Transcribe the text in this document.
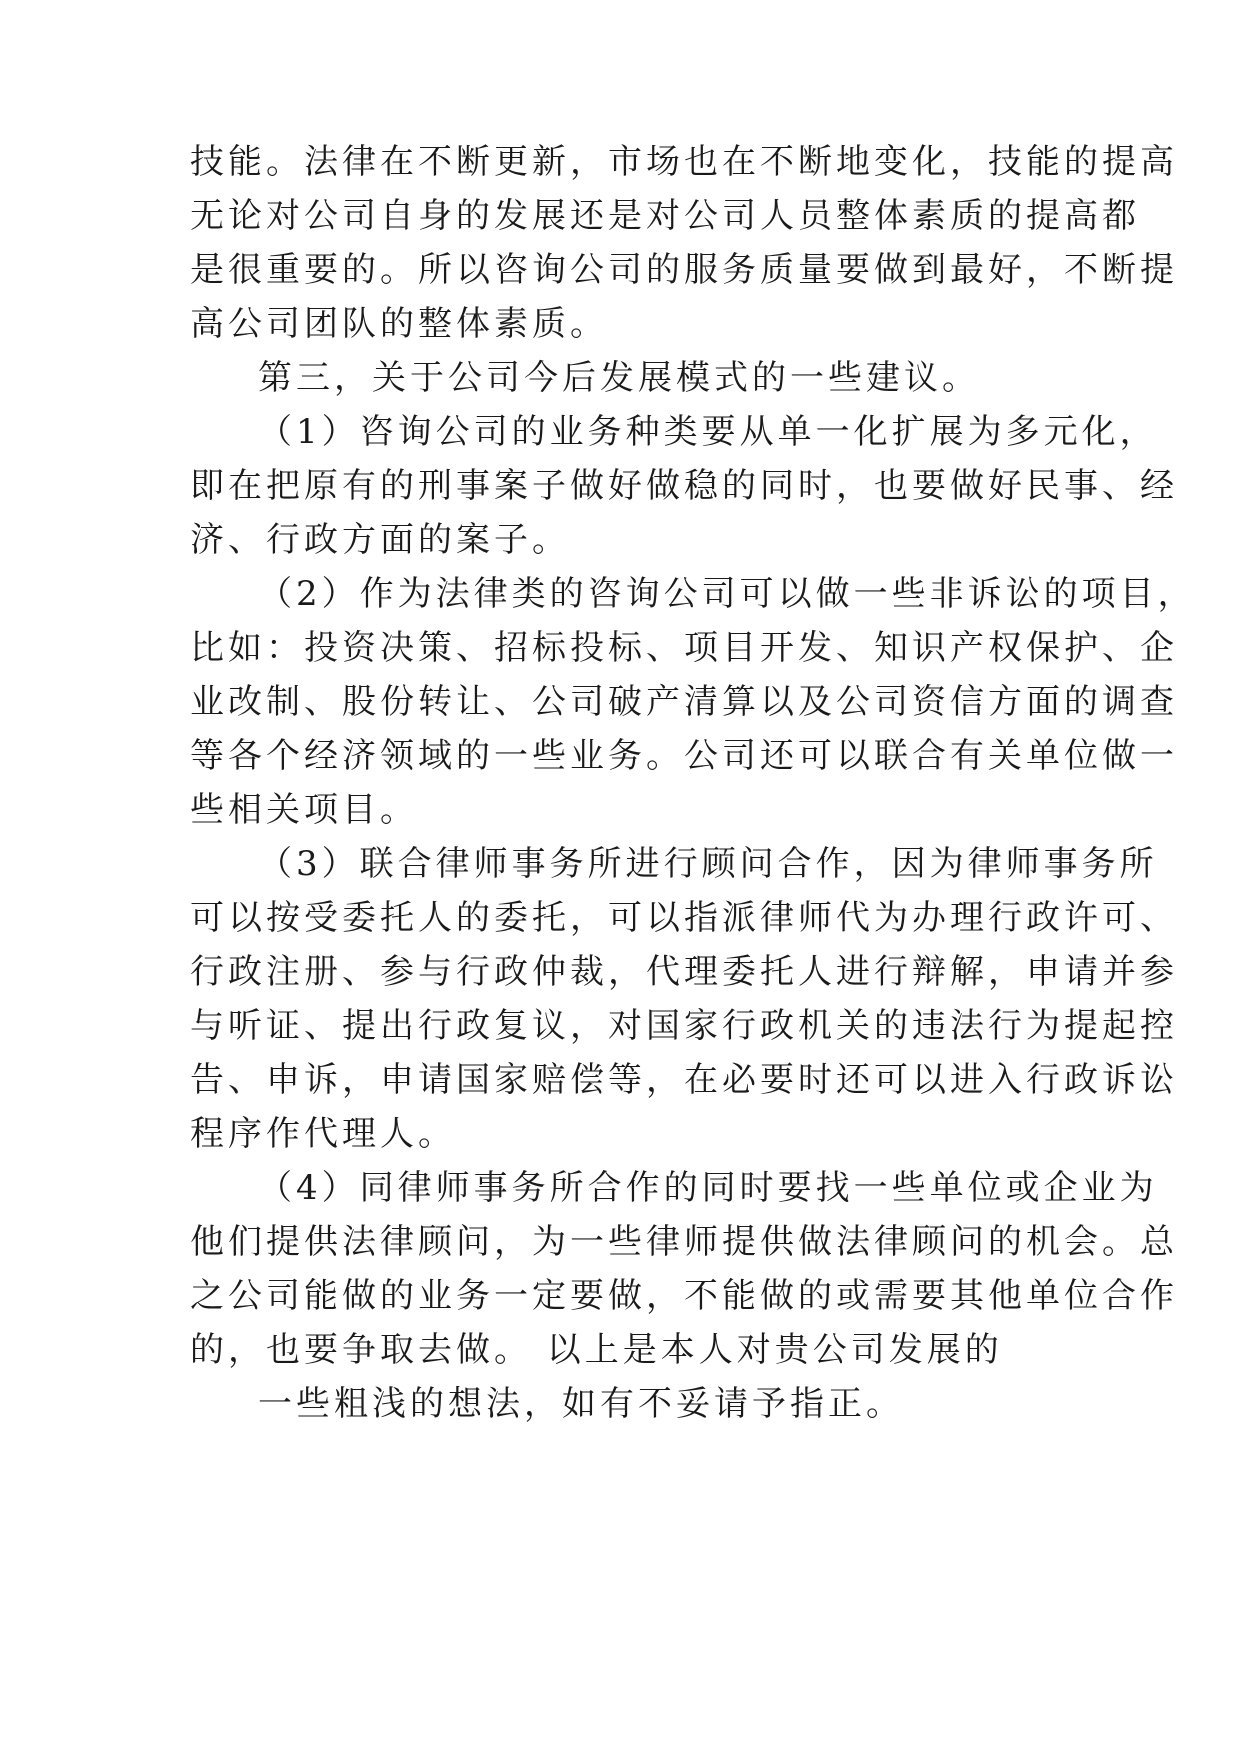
技能。法律在不断更新，市场也在不断地变化，技能的提高

无论对公司自身的发展还是对公司人员整体素质的提高都

是很重要的。所以咨询公司的服务质量要做到最好，不断提

高公司团队的整体素质。

第三，关于公司今后发展模式的一些建议。

（1）咨询公司的业务种类要从单一化扩展为多元化，

即在把原有的刑事案子做好做稳的同时，也要做好民事、经

济、行政方面的案子。

（2）作为法律类的咨询公司可以做一些非诉讼的项目，

比如：投资决策、招标投标、项目开发、知识产权保护、企

业改制、股份转让、公司破产清算以及公司资信方面的调查

等各个经济领域的一些业务。公司还可以联合有关单位做一

些相关项目。

（3）联合律师事务所进行顾问合作，因为律师事务所

可以按受委托人的委托，可以指派律师代为办理行政许可、

行政注册、参与行政仲裁，代理委托人进行辩解，申请并参

与听证、提出行政复议，对国家行政机关的违法行为提起控

告、申诉，申请国家赔偿等，在必要时还可以进入行政诉讼

程序作代理人。

（4）同律师事务所合作的同时要找一些单位或企业为

他们提供法律顾问，为一些律师提供做法律顾问的机会。总

之公司能做的业务一定要做，不能做的或需要其他单位合作

的，也要争取去做。 以上是本人对贵公司发展的

一些粗浅的想法，如有不妥请予指正。
